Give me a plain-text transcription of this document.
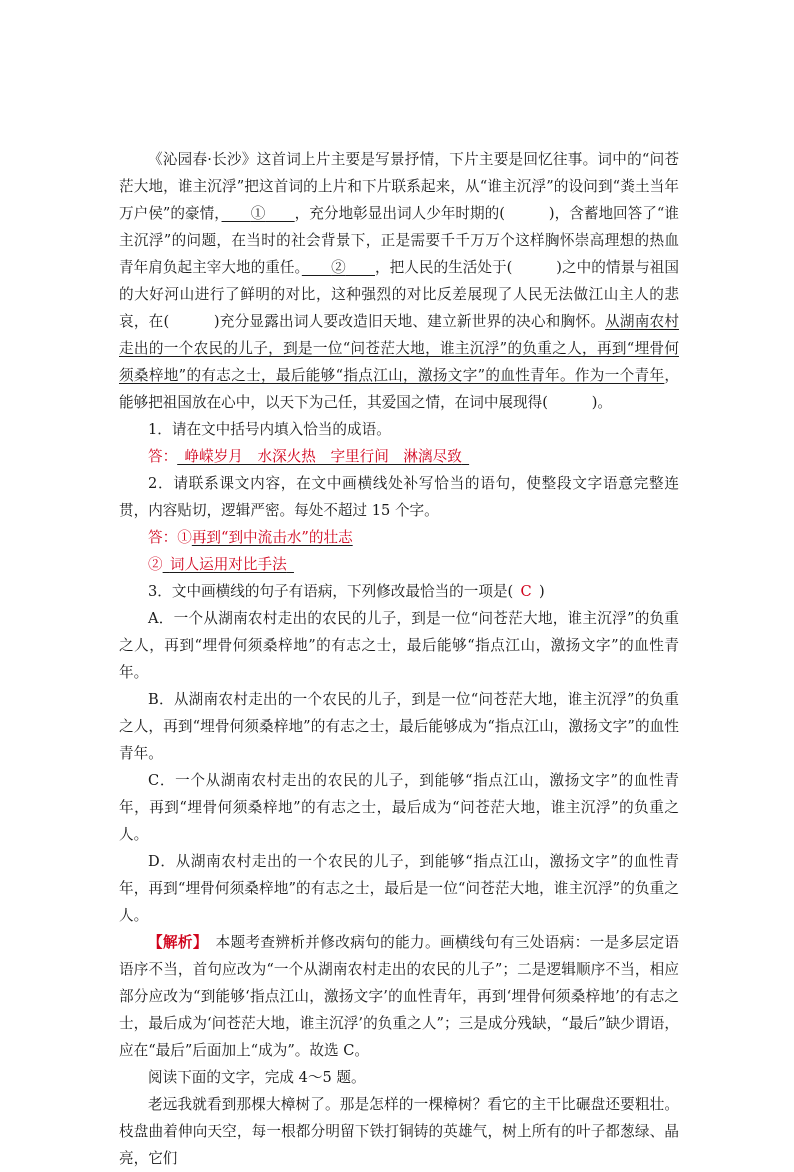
《沁园春·长沙》这首词上片主要是写景抒情，下片主要是回忆往事。词中的“问苍茫大地，谁主沉浮”把这首词的上片和下片联系起来，从“谁主沉浮”的设问到“粪土当年万户侯”的豪情，　　 ①　　 ，充分地彰显出词人少年时期的(　　　	)，含蓄地回答了“谁主沉浮”的问题，在当时的社会背景下，正是需要千千万万个这样胸怀崇高理想的热血青年肩负起主宰大地的重任。　　 ②　　 ，把人民的生活处于(　　　	)之中的情景与祖国的大好河山进行了鲜明的对比，这种强烈的对比反差展现了人民无法做江山主人的悲哀，在(　　　	)充分显露出词人要改造旧天地、建立新世界的决心和胸怀。从湖南农村走出的一个农民的儿子，到是一位“问苍茫大地，谁主沉浮”的负重之人，再到“埋骨何须桑梓地”的有志之士，最后能够“指点江山，激扬文字”的血性青年。作为一个青年，能够把祖国放在心中，以天下为己任，其爱国之情，在词中展现得(　　　	)。

1．请在文中括号内填入恰当的成语。

答：  峥嵘岁月　水深火热　字里行间　淋漓尽致 

2．请联系课文内容，在文中画横线处补写恰当的语句，使整段文字语意完整连贯，内容贴切，逻辑严密。每处不超过 15 个字。

答：①再到“到中流击水”的壮志

②  词人运用对比手法 

3．文中画横线的句子有语病，下列修改最恰当的一项是(  C  )

A．一个从湖南农村走出的农民的儿子，到是一位“问苍茫大地，谁主沉浮”的负重之人，再到“埋骨何须桑梓地”的有志之士，最后能够“指点江山，激扬文字”的血性青年。

B．从湖南农村走出的一个农民的儿子，到是一位“问苍茫大地，谁主沉浮”的负重之人，再到“埋骨何须桑梓地”的有志之士，最后能够成为“指点江山，激扬文字”的血性青年。

C．一个从湖南农村走出的农民的儿子，到能够“指点江山，激扬文字”的血性青年，再到“埋骨何须桑梓地”的有志之士，最后成为“问苍茫大地，谁主沉浮”的负重之人。

D．从湖南农村走出的一个农民的儿子，到能够“指点江山，激扬文字”的血性青年，再到“埋骨何须桑梓地”的有志之士，最后是一位“问苍茫大地，谁主沉浮”的负重之人。

【解析】　本题考查辨析并修改病句的能力。画横线句有三处语病：一是多层定语语序不当，首句应改为“一个从湖南农村走出的农民的儿子”；二是逻辑顺序不当，相应部分应改为“到能够‘指点江山，激扬文字’的血性青年，再到‘埋骨何须桑梓地’的有志之士，最后成为‘问苍茫大地，谁主沉浮’的负重之人”；三是成分残缺，“最后”缺少谓语，应在“最后”后面加上“成为”。故选 C。

阅读下面的文字，完成 4～5 题。

老远我就看到那棵大樟树了。那是怎样的一棵樟树？看它的主干比碾盘还要粗壮。枝盘曲着伸向天空，每一根都分明留下铁打铜铸的英雄气，树上所有的叶子都葱绿、晶亮，它们
